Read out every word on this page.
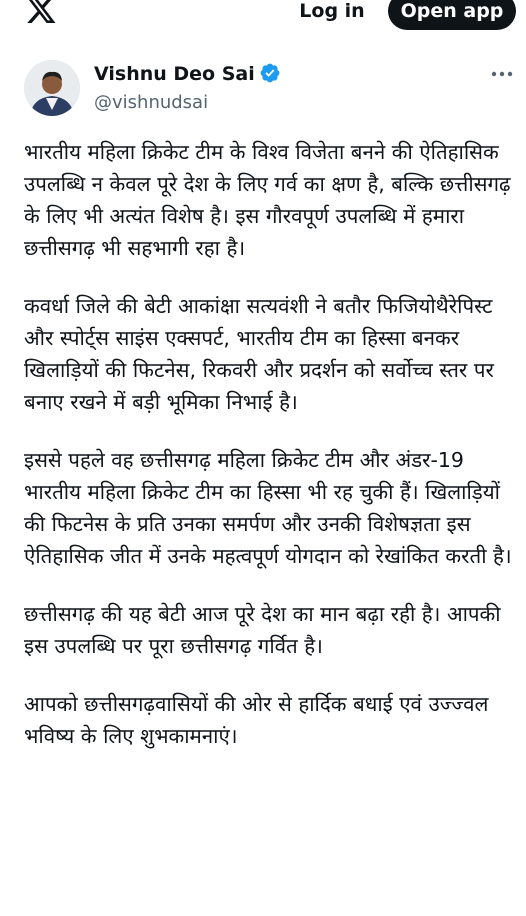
Log in	Open app
Vishnu Deo Sai
@vishnudsai

भारतीय महिला क्रिकेट टीम के विश्व विजेता बनने की ऐतिहासिक उपलब्धि न केवल पूरे देश के लिए गर्व का क्षण है, बल्कि छत्तीसगढ़ के लिए भी अत्यंत विशेष है। इस गौरवपूर्ण उपलब्धि में हमारा छत्तीसगढ़ भी सहभागी रहा है।

कवर्धा जिले की बेटी आकांक्षा सत्यवंशी ने बतौर फिजियोथैरेपिस्ट और स्पोर्ट्स साइंस एक्सपर्ट, भारतीय टीम का हिस्सा बनकर खिलाड़ियों की फिटनेस, रिकवरी और प्रदर्शन को सर्वोच्च स्तर पर बनाए रखने में बड़ी भूमिका निभाई है।

इससे पहले वह छत्तीसगढ़ महिला क्रिकेट टीम और अंडर-19 भारतीय महिला क्रिकेट टीम का हिस्सा भी रह चुकी हैं। खिलाड़ियों की फिटनेस के प्रति उनका समर्पण और उनकी विशेषज्ञता इस ऐतिहासिक जीत में उनके महत्वपूर्ण योगदान को रेखांकित करती है।

छत्तीसगढ़ की यह बेटी आज पूरे देश का मान बढ़ा रही है। आपकी इस उपलब्धि पर पूरा छत्तीसगढ़ गर्वित है।

आपको छत्तीसगढ़वासियों की ओर से हार्दिक बधाई एवं उज्ज्वल भविष्य के लिए शुभकामनाएं।
